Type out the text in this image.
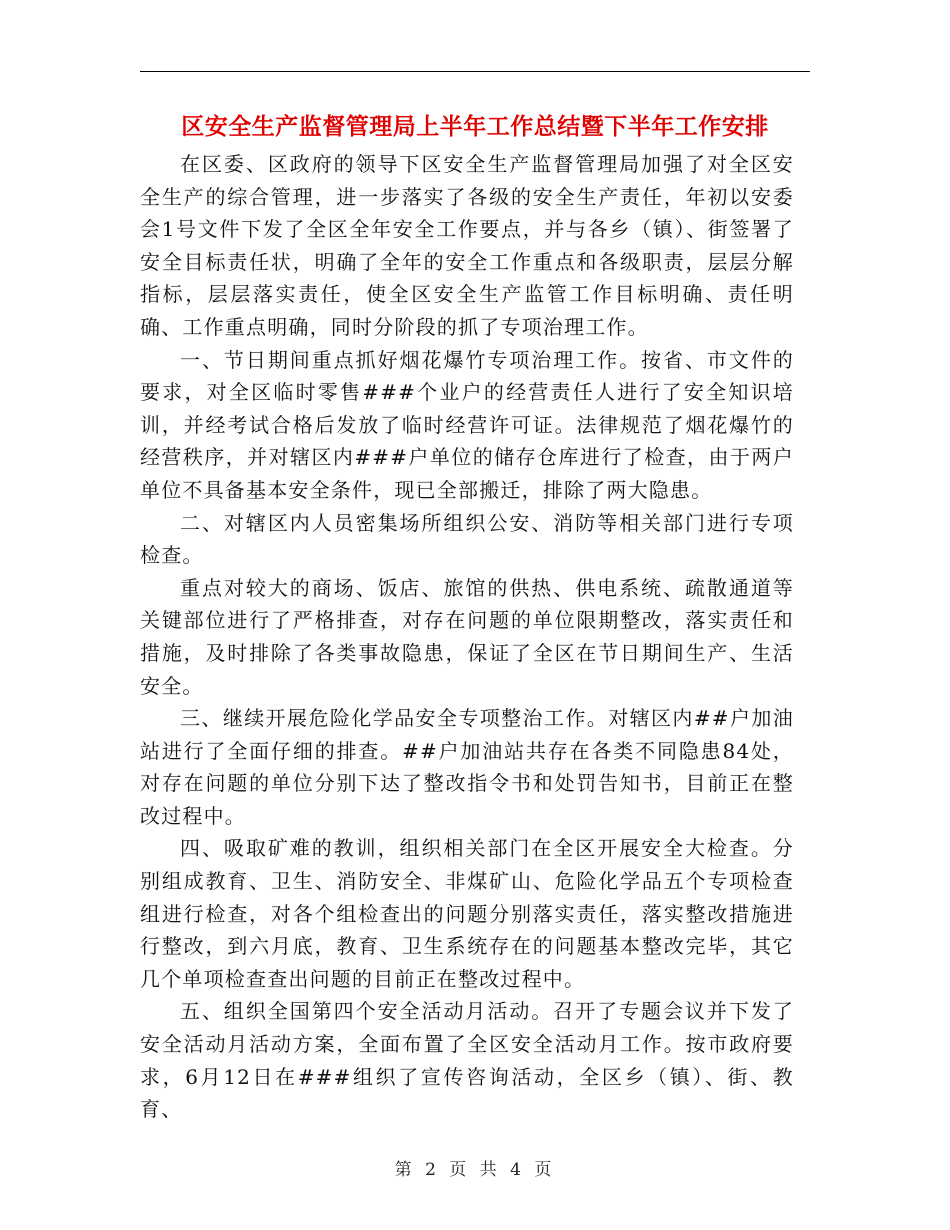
区安全生产监督管理局上半年工作总结暨下半年工作安排

在区委、区政府的领导下区安全生产监督管理局加强了对全区安全生产的综合管理，进一步落实了各级的安全生产责任，年初以安委会1号文件下发了全区全年安全工作要点，并与各乡（镇）、街签署了安全目标责任状，明确了全年的安全工作重点和各级职责，层层分解指标，层层落实责任，使全区安全生产监管工作目标明确、责任明确、工作重点明确，同时分阶段的抓了专项治理工作。

一、节日期间重点抓好烟花爆竹专项治理工作。按省、市文件的要求，对全区临时零售###个业户的经营责任人进行了安全知识培训，并经考试合格后发放了临时经营许可证。法律规范了烟花爆竹的经营秩序，并对辖区内###户单位的储存仓库进行了检查，由于两户单位不具备基本安全条件，现已全部搬迁，排除了两大隐患。

二、对辖区内人员密集场所组织公安、消防等相关部门进行专项检查。

重点对较大的商场、饭店、旅馆的供热、供电系统、疏散通道等关键部位进行了严格排查，对存在问题的单位限期整改，落实责任和措施，及时排除了各类事故隐患，保证了全区在节日期间生产、生活安全。

三、继续开展危险化学品安全专项整治工作。对辖区内##户加油站进行了全面仔细的排查。##户加油站共存在各类不同隐患84处，对存在问题的单位分别下达了整改指令书和处罚告知书，目前正在整改过程中。

四、吸取矿难的教训，组织相关部门在全区开展安全大检查。分别组成教育、卫生、消防安全、非煤矿山、危险化学品五个专项检查组进行检查，对各个组检查出的问题分别落实责任，落实整改措施进行整改，到六月底，教育、卫生系统存在的问题基本整改完毕，其它几个单项检查查出问题的目前正在整改过程中。

五、组织全国第四个安全活动月活动。召开了专题会议并下发了安全活动月活动方案，全面布置了全区安全活动月工作。按市政府要求，6月12日在###组织了宣传咨询活动，全区乡（镇）、街、教育、

第 2 页 共 4 页
